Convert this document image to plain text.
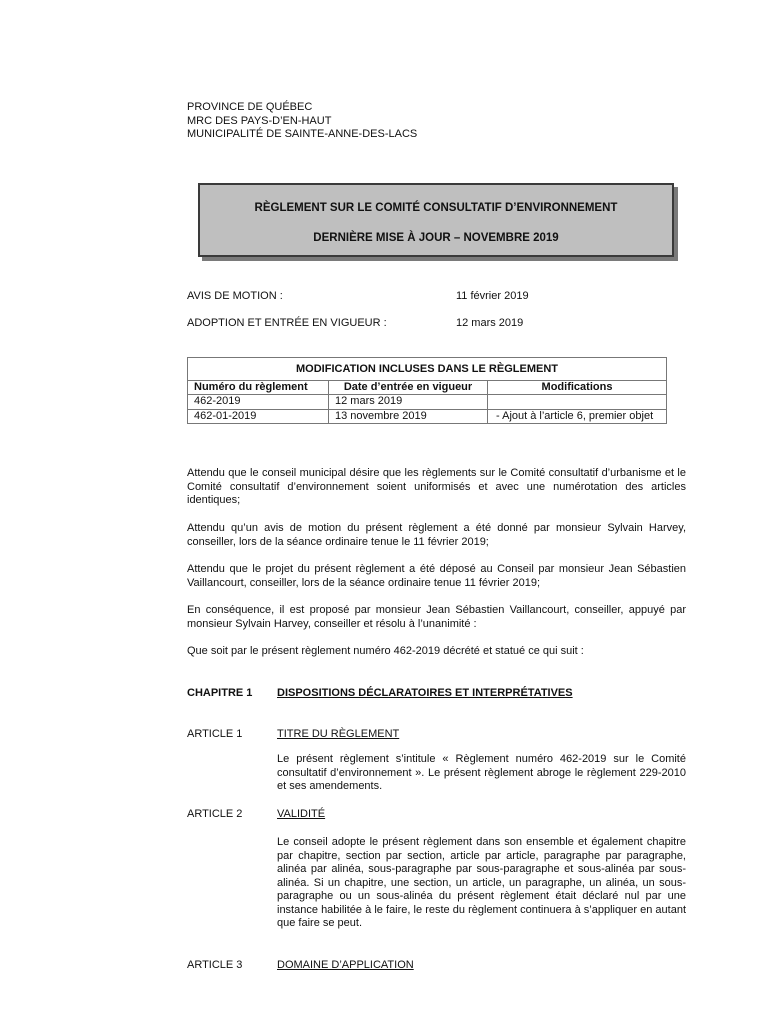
PROVINCE DE QUÉBEC
MRC DES PAYS-D’EN-HAUT
MUNICIPALITÉ DE SAINTE-ANNE-DES-LACS
RÈGLEMENT SUR LE COMITÉ CONSULTATIF D’ENVIRONNEMENT
DERNIÈRE MISE À JOUR – NOVEMBRE 2019
AVIS DE MOTION :	11 février 2019
ADOPTION ET ENTRÉE EN VIGUEUR :	12 mars 2019
MODIFICATION INCLUSES DANS LE RÈGLEMENT		
Numéro du règlement	Date d’entrée en vigueur	Modifications
462-2019	12 mars 2019	
462-01-2019	13 novembre 2019	- Ajout à l’article 6, premier objet
Attendu que le conseil municipal désire que les règlements sur le Comité consultatif d’urbanisme et le Comité consultatif d’environnement soient uniformisés et avec une numérotation des articles identiques;
Attendu qu’un avis de motion du présent règlement a été donné par monsieur Sylvain Harvey, conseiller, lors de la séance ordinaire tenue le 11 février 2019;
Attendu que le projet du présent règlement a été déposé au Conseil par monsieur Jean Sébastien Vaillancourt, conseiller, lors de la séance ordinaire tenue 11 février 2019;
En conséquence, il est proposé par monsieur Jean Sébastien Vaillancourt, conseiller, appuyé par monsieur Sylvain Harvey, conseiller et résolu à l’unanimité :
Que soit par le présent règlement numéro 462-2019 décrété et statué ce qui suit :
CHAPITRE 1 DISPOSITIONS DÉCLARATOIRES ET INTERPRÉTATIVES
ARTICLE 1	TITRE DU RÈGLEMENT
Le présent règlement s’intitule « Règlement numéro 462-2019 sur le Comité consultatif d’environnement ». Le présent règlement abroge le règlement 229-2010 et ses amendements.
ARTICLE 2	VALIDITÉ
Le conseil adopte le présent règlement dans son ensemble et également chapitre par chapitre, section par section, article par article, paragraphe par paragraphe, alinéa par alinéa, sous-paragraphe par sous-paragraphe et sous-alinéa par sous-alinéa. Si un chapitre, une section, un article, un paragraphe, un alinéa, un sous-paragraphe ou un sous-alinéa du présent règlement était déclaré nul par une instance habilitée à le faire, le reste du règlement continuera à s’appliquer en autant que faire se peut.
ARTICLE 3	DOMAINE D’APPLICATION
